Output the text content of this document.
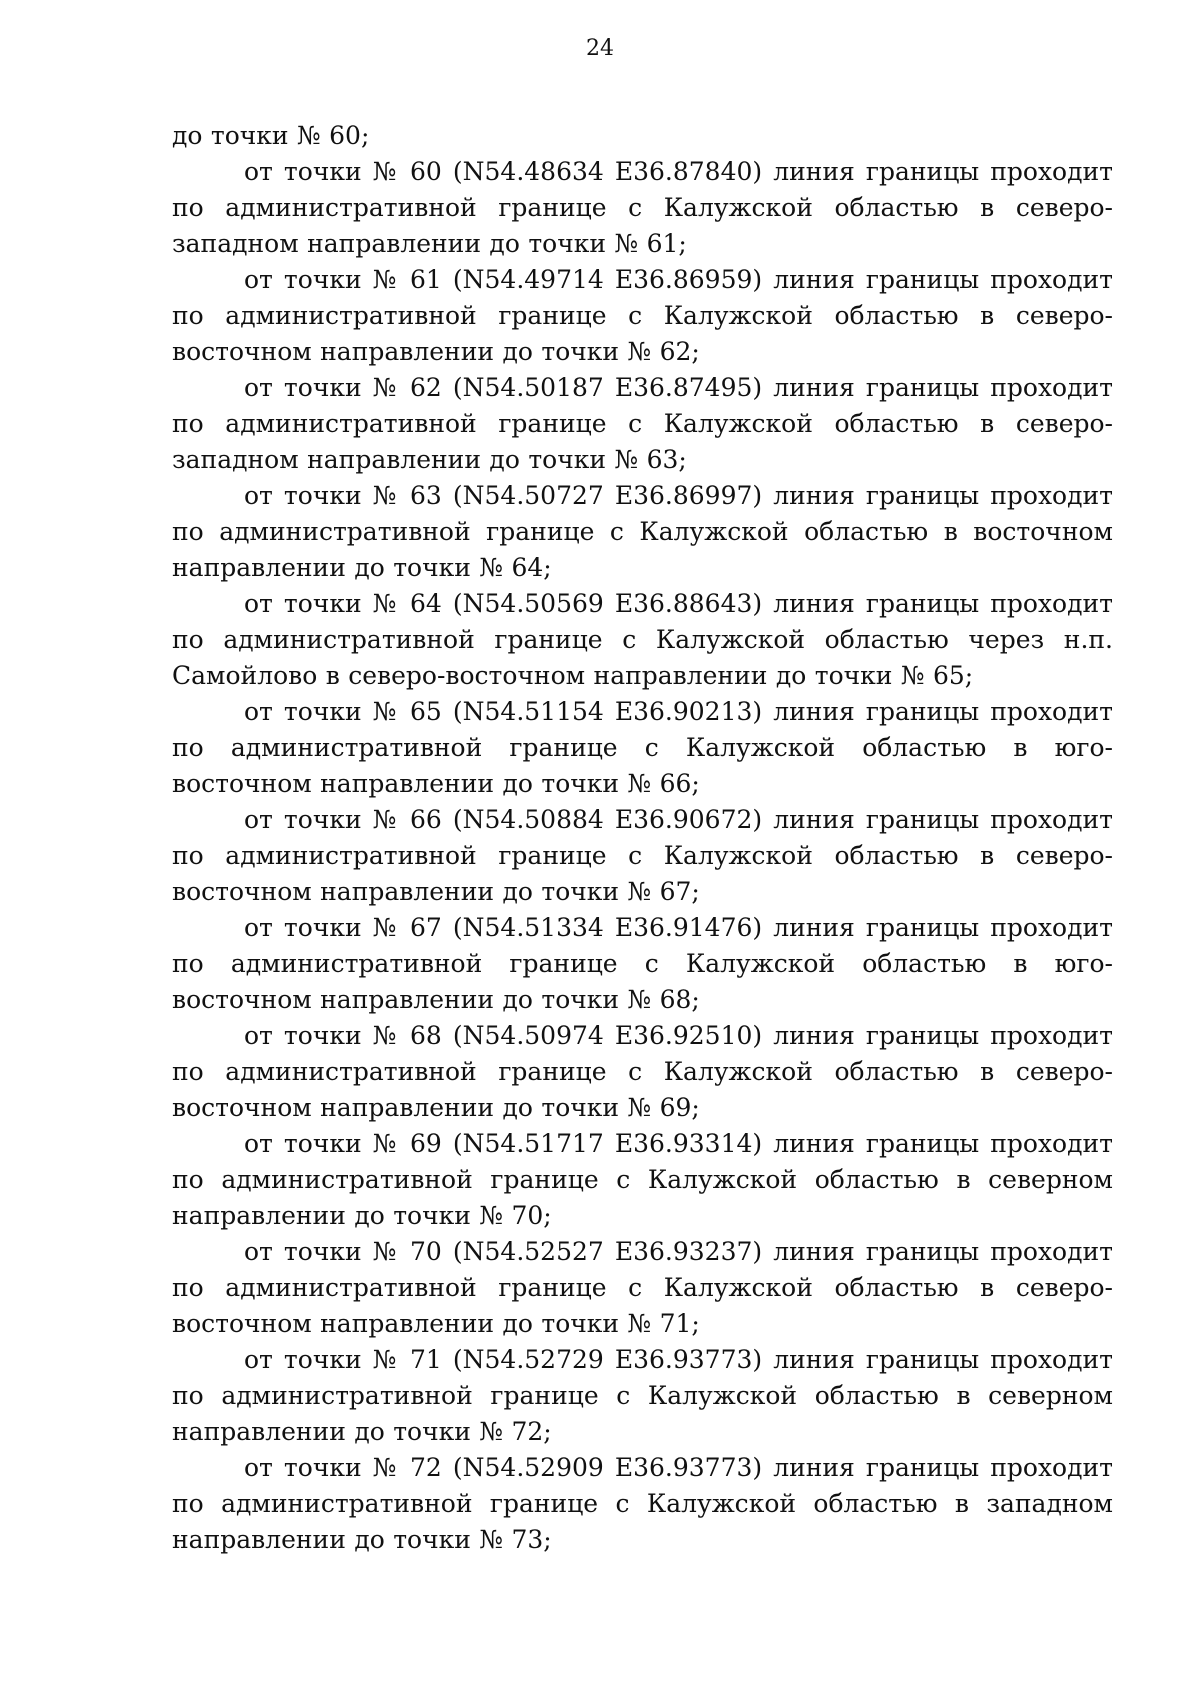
24

до точки № 60;

от точки № 60 (N54.48634 E36.87840) линия границы проходит по административной границе с Калужской областью в северо-западном направлении до точки № 61;

от точки № 61 (N54.49714 E36.86959) линия границы проходит по административной границе с Калужской областью в северо-восточном направлении до точки № 62;

от точки № 62 (N54.50187 E36.87495) линия границы проходит по административной границе с Калужской областью в северо-западном направлении до точки № 63;

от точки № 63 (N54.50727 E36.86997) линия границы проходит по административной границе с Калужской областью в восточном направлении до точки № 64;

от точки № 64 (N54.50569 E36.88643) линия границы проходит по административной границе с Калужской областью через н.п. Самойлово в северо-восточном направлении до точки № 65;

от точки № 65 (N54.51154 E36.90213) линия границы проходит по административной границе с Калужской областью в юго-восточном направлении до точки № 66;

от точки № 66 (N54.50884 E36.90672) линия границы проходит по административной границе с Калужской областью в северо-восточном направлении до точки № 67;

от точки № 67 (N54.51334 E36.91476) линия границы проходит по административной границе с Калужской областью в юго-восточном направлении до точки № 68;

от точки № 68 (N54.50974 E36.92510) линия границы проходит по административной границе с Калужской областью в северо-восточном направлении до точки № 69;

от точки № 69 (N54.51717 E36.93314) линия границы проходит по административной границе с Калужской областью в северном направлении до точки № 70;

от точки № 70 (N54.52527 E36.93237) линия границы проходит по административной границе с Калужской областью в северо-восточном направлении до точки № 71;

от точки № 71 (N54.52729 E36.93773) линия границы проходит по административной границе с Калужской областью в северном направлении до точки № 72;

от точки № 72 (N54.52909 E36.93773) линия границы проходит по административной границе с Калужской областью в западном направлении до точки № 73;
